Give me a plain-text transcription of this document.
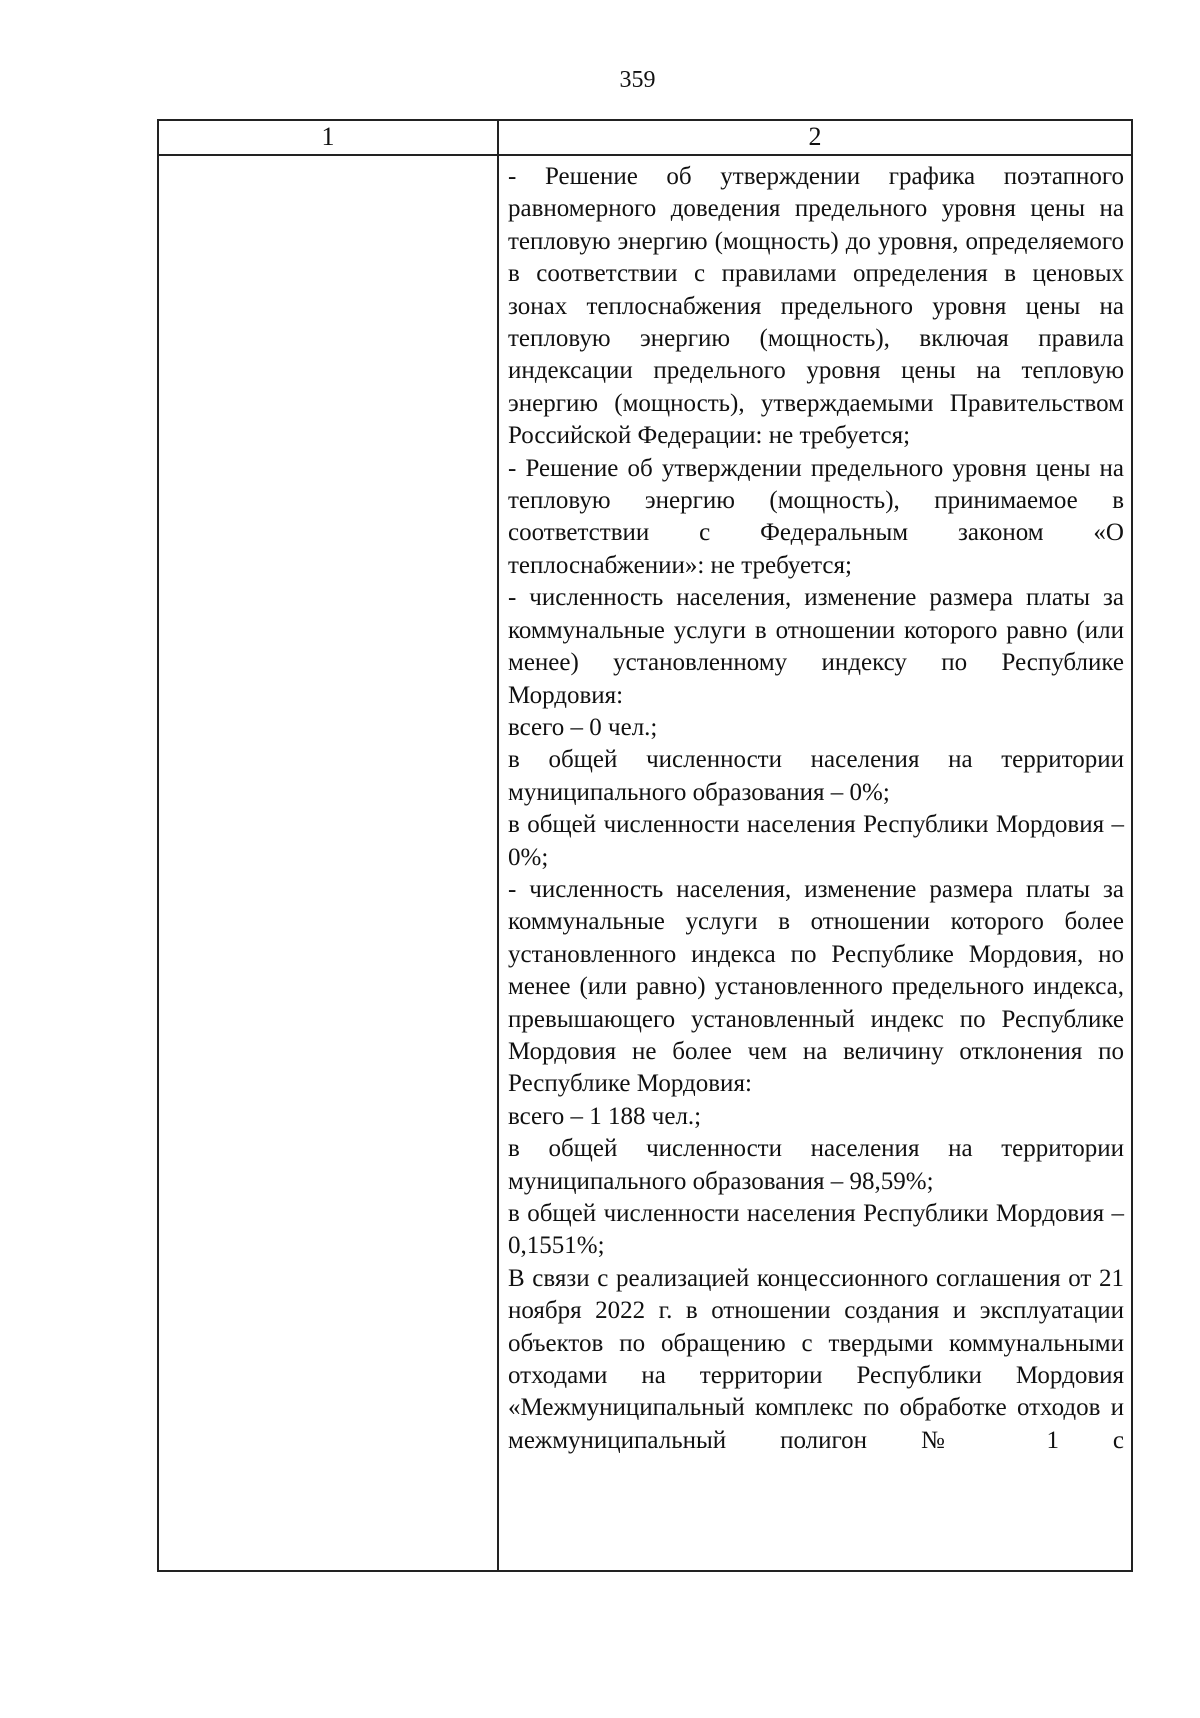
359
1	2

- Решение об утверждении графика поэтапного равномерного доведения предельного уровня цены на тепловую энергию (мощность) до уровня, определяемого в соответствии с правилами определения в ценовых зонах теплоснабжения предельного уровня цены на тепловую энергию (мощность), включая правила индексации предельного уровня цены на тепловую энергию (мощность), утверждаемыми Правительством Российской Федерации: не требуется;

- Решение об утверждении предельного уровня цены на тепловую энергию (мощность), принимаемое в соответствии с Федеральным законом «О теплоснабжении»: не требуется;

- численность населения, изменение размера платы за коммунальные услуги в отношении которого равно (или менее) установленному индексу по Республике Мордовия:

всего – 0 чел.;

в общей численности населения на территории муниципального образования – 0%;

в общей численности населения Республики Мордовия – 0%;

- численность населения, изменение размера платы за коммунальные услуги в отношении которого более установленного индекса по Республике Мордовия, но менее (или равно) установленного предельного индекса, превышающего установленный индекс по Республике Мордовия не более чем на величину отклонения по Республике Мордовия:

всего – 1 188 чел.;

в общей численности населения на территории муниципального образования – 98,59%;

в общей численности населения Республики Мордовия – 0,1551%;

В связи с реализацией концессионного соглашения от 21 ноября 2022 г. в отношении создания и эксплуатации объектов по обращению с твердыми коммунальными отходами на территории Республики Мордовия «Межмуниципальный комплекс по обработке отходов и межмуниципальный полигон № 1 с
